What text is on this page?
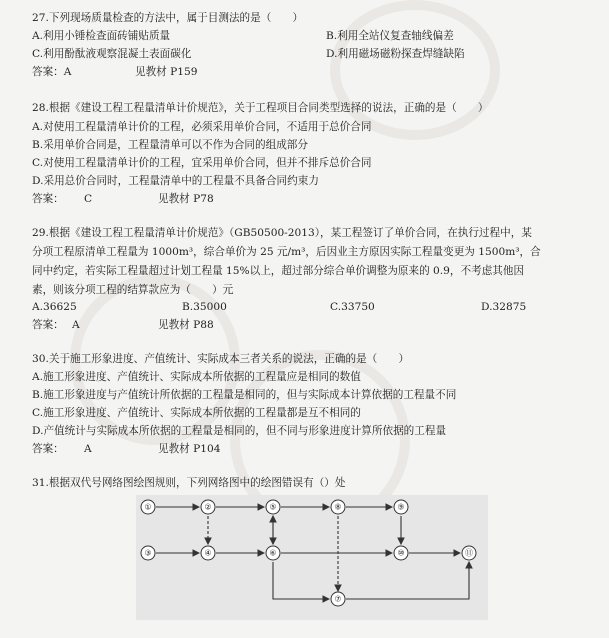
27.下列现场质量检查的方法中，属于目测法的是（　　）
A.利用小锤检查面砖铺贴质量	B.利用全站仪复查轴线偏差
C.利用酚酞液观察混凝土表面碳化	D.利用磁场磁粉探查焊缝缺陷
答案：A	见教材 P159
28.根据《建设工程工程量清单计价规范》，关于工程项目合同类型选择的说法，正确的是（　　）
A.对使用工程量清单计价的工程，必须采用单价合同，不适用于总价合同
B.采用单价合同是，工程量清单可以不作为合同的组成部分
C.对使用工程量清单计价的工程，宜采用单价合同，但并不排斥总价合同
D.采用总价合同时，工程量清单中的工程量不具备合同约束力
答案： C	见教材 P78
29.根据《建设工程工程量清单计价规范》（GB50500-2013），某工程签订了单价合同，在执行过程中，某
分项工程原清单工程量为 1000m³，综合单价为 25 元/m³，后因业主方原因实际工程量变更为 1500m³，合
同中约定，若实际工程量超过计划工程量 15%以上，超过部分综合单价调整为原来的 0.9，不考虑其他因
素，则该分项工程的结算款应为（　　）元
A.36625	B.35000	C.33750	D.32875
答案： A	见教材 P88
30.关于施工形象进度、产值统计、实际成本三者关系的说法，正确的是（　　）
A.施工形象进度、产值统计、实际成本所依据的工程量应是相同的数值
B.施工形象进度与产值统计所依据的工程量是相同的，但与实际成本计算依据的工程量不同
C.施工形象进度、产值统计、实际成本所依据的工程量都是互不相同的
D.产值统计与实际成本所依据的工程量是相同的，但不同与形象进度计算所依据的工程量
答案： A	见教材 P104
31.根据双代号网络图绘图规则，下列网络图中的绘图错误有（）处
①	②
③	④
⑤
⑥
⑦
⑧	⑨
⑩	⑪
